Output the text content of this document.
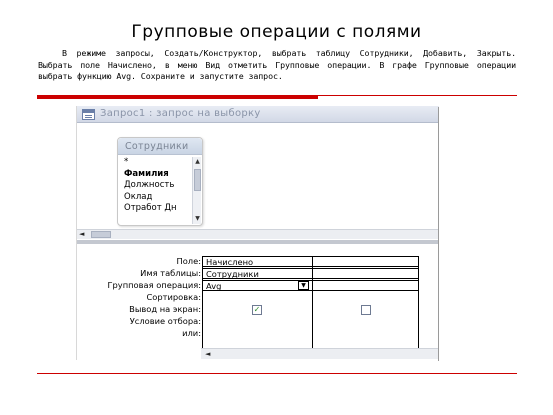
Групповые операции с полями
В режиме запросы, Создать/Конструктор, выбрать таблицу Сотрудники, Добавить, Закрыть. Выбрать поле Начислено, в меню Вид отметить Групповые операции. В графе Групповые операции выбрать функцию Avg. Сохраните и запустите запрос.
Запрос1 : запрос на выборку
Сотрудники
*
Фамилия
Должность
Оклад
Отработ Дн
▲
▼
◄
Поле:
Имя таблицы:
Групповая операция:
Сортировка:
Вывод на экран:
Условие отбора:
или:
Начислено
Сотрудники
Avg	▼
✓
◄
